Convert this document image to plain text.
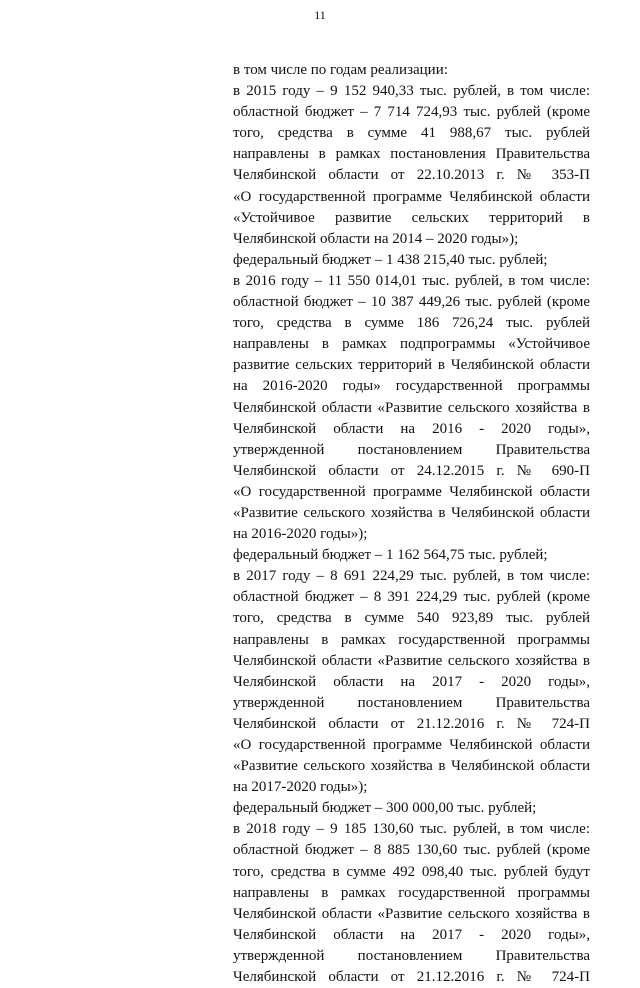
11
в том числе по годам реализации:
в 2015 году – 9 152 940,33 тыс. рублей, в том числе:
областной бюджет – 7 714 724,93 тыс. рублей (кроме
того, средства в сумме 41 988,67 тыс. рублей
направлены в рамках постановления Правительства
Челябинской области от 22.10.2013 г. № 353-П
«О государственной программе Челябинской области
«Устойчивое развитие сельских территорий в
Челябинской области на 2014 – 2020 годы»);
федеральный бюджет – 1 438 215,40 тыс. рублей;
в 2016 году – 11 550 014,01 тыс. рублей, в том числе:
областной бюджет – 10 387 449,26 тыс. рублей (кроме
того, средства в сумме 186 726,24 тыс. рублей
направлены в рамках подпрограммы «Устойчивое
развитие сельских территорий в Челябинской области
на 2016-2020 годы» государственной программы
Челябинской области «Развитие сельского хозяйства в
Челябинской области на 2016 - 2020 годы»,
утвержденной постановлением Правительства
Челябинской области от 24.12.2015 г. № 690-П
«О государственной программе Челябинской области
«Развитие сельского хозяйства в Челябинской области
на 2016-2020 годы»);
федеральный бюджет – 1 162 564,75 тыс. рублей;
в 2017 году – 8 691 224,29 тыс. рублей, в том числе:
областной бюджет – 8 391 224,29 тыс. рублей (кроме
того, средства в сумме 540 923,89 тыс. рублей
направлены в рамках государственной программы
Челябинской области «Развитие сельского хозяйства в
Челябинской области на 2017 - 2020 годы»,
утвержденной постановлением Правительства
Челябинской области от 21.12.2016 г. № 724-П
«О государственной программе Челябинской области
«Развитие сельского хозяйства в Челябинской области
на 2017-2020 годы»);
федеральный бюджет – 300 000,00 тыс. рублей;
в 2018 году – 9 185 130,60 тыс. рублей, в том числе:
областной бюджет – 8 885 130,60 тыс. рублей (кроме
того, средства в сумме 492 098,40 тыс. рублей будут
направлены в рамках государственной программы
Челябинской области «Развитие сельского хозяйства в
Челябинской области на 2017 - 2020 годы»,
утвержденной постановлением Правительства
Челябинской области от 21.12.2016 г. № 724-П
